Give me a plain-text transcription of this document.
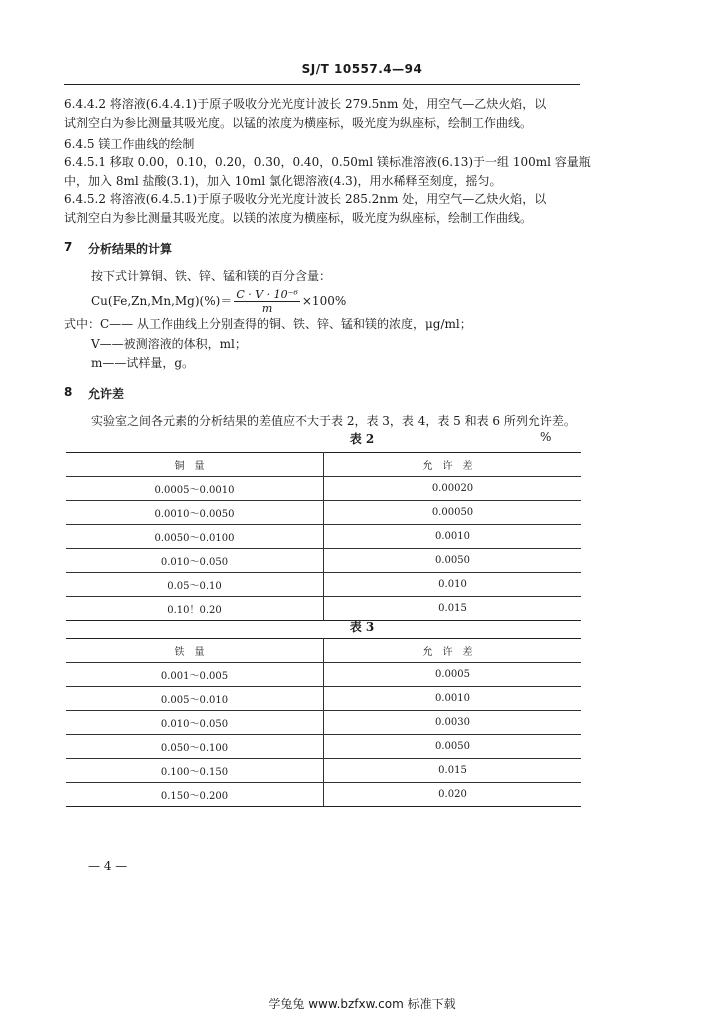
SJ/T 10557.4—94
6.4.4.2 将溶液(6.4.4.1)于原子吸收分光光度计波长 279.5nm 处，用空气—乙炔火焰，以
试剂空白为参比测量其吸光度。以锰的浓度为横座标，吸光度为纵座标，绘制工作曲线。
6.4.5 镁工作曲线的绘制
6.4.5.1 移取 0.00，0.10，0.20，0.30，0.40，0.50ml 镁标准溶液(6.13)于一组 100ml 容量瓶
中，加入 8ml 盐酸(3.1)，加入 10ml 氯化锶溶液(4.3)，用水稀释至刻度，摇匀。
6.4.5.2 将溶液(6.4.5.1)于原子吸收分光光度计波长 285.2nm 处，用空气—乙炔火焰，以
试剂空白为参比测量其吸光度。以镁的浓度为横座标，吸光度为纵座标，绘制工作曲线。
7 分析结果的计算
按下式计算铜、铁、锌、锰和镁的百分含量：
$Cu(Fe,Zn,Mn,Mg)(\%)= \frac{\text{C · V · 10⁻⁶}}{m} \times 100\%$
式中：C—— 从工作曲线上分别查得的铜、铁、锌、锰和镁的浓度，μg/ml；
V——被测溶液的体积，ml；
m——试样量，g。
8 允许差
实验室之间各元素的分析结果的差值应不大于表 2，表 3，表 4，表 5 和表 6 所列允许差。
表 2	%
铜量	允许差
0.0005～0.0010	0.00020
0.0010～0.0050	0.00050
0.0050～0.0100	0.0010
0.010～0.050	0.0050
0.05～0.10	0.010
0.10！0.20	0.015
表 3
铁量	允许差
0.001～0.005	0.0005
0.005～0.010	0.0010
0.010～0.050	0.0030
0.050～0.100	0.0050
0.100～0.150	0.015
0.150～0.200	0.020
— 4 —
学兔兔 www.bzfxw.com 标准下载
